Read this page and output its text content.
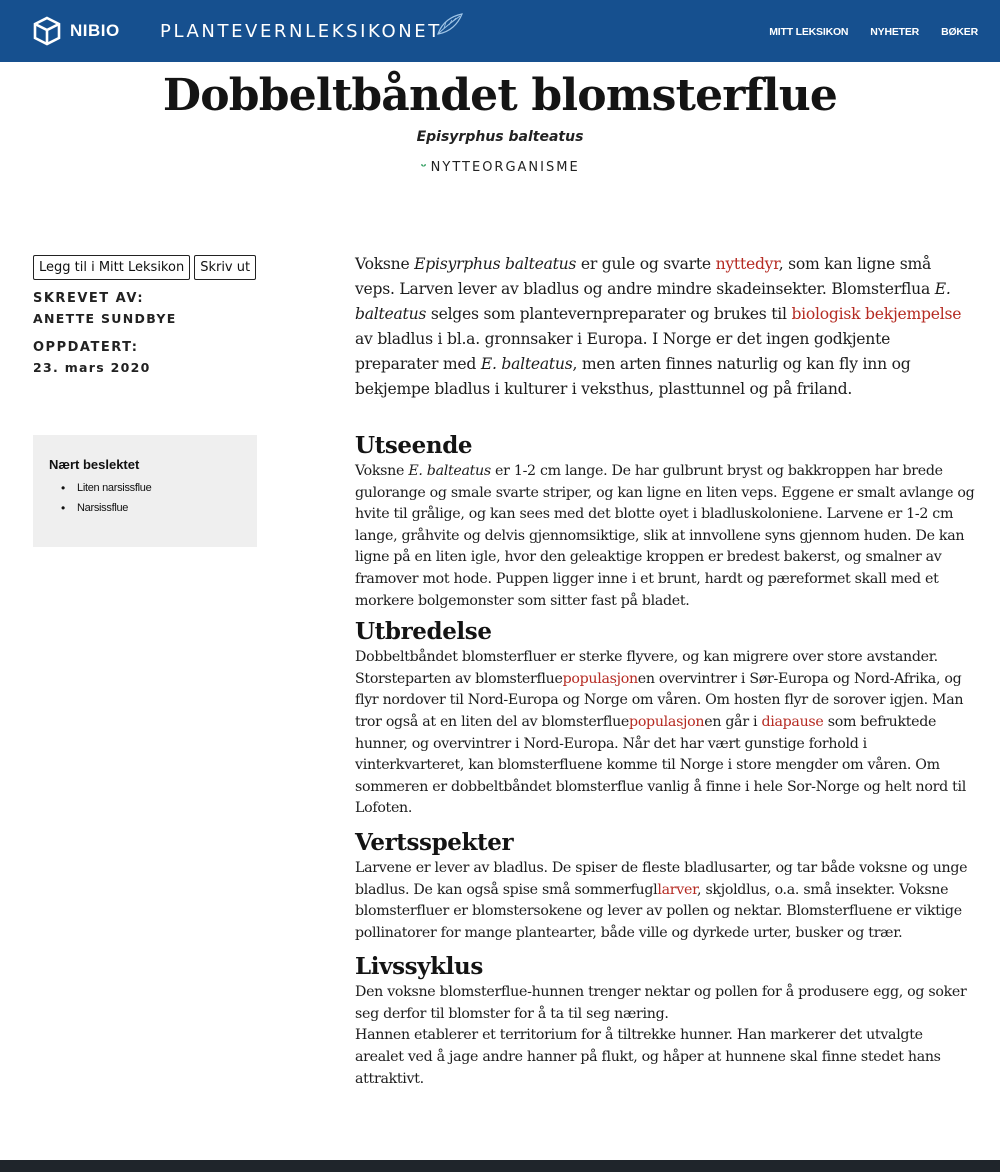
NIBIO PLANTEVERNLEKSIKONET	MITT LEKSIKON NYHETER BØKER
Dobbeltbåndet blomsterflue
Episyrphus balteatus
ᵕ NYTTEORGANISME
Legg til i Mitt Leksikon	Skriv ut
SKREVET AV:
ANETTE SUNDBYE
OPPDATERT:
23. mars 2020
Nært beslektet
• Liten narsissflue
• Narsissflue

Voksne Episyrphus balteatus er gule og svarte nyttedyr, som kan ligne små veps. Larven lever av bladlus og andre mindre skadeinsekter. Blomsterflua E. balteatus selges som plantevernpreparater og brukes til biologisk bekjempelse av bladlus i bl.a. gronnsaker i Europa. I Norge er det ingen godkjente preparater med E. balteatus, men arten finnes naturlig og kan fly inn og bekjempe bladlus i kulturer i veksthus, plasttunnel og på friland.

Utseende

Voksne E. balteatus er 1-2 cm lange. De har gulbrunt bryst og bakkroppen har brede gulorange og smale svarte striper, og kan ligne en liten veps. Eggene er smalt avlange og hvite til grålige, og kan sees med det blotte oyet i bladluskoloniene. Larvene er 1-2 cm lange, gråhvite og delvis gjennomsiktige, slik at innvollene syns gjennom huden. De kan ligne på en liten igle, hvor den geleaktige kroppen er bredest bakerst, og smalner av framover mot hode. Puppen ligger inne i et brunt, hardt og pæreformet skall med et morkere bolgemonster som sitter fast på bladet.

Utbredelse

Dobbeltbåndet blomsterfluer er sterke flyvere, og kan migrere over store avstander. Storsteparten av blomsterfluepopulasjonen overvintrer i Sør-Europa og Nord-Afrika, og flyr nordover til Nord-Europa og Norge om våren. Om hosten flyr de sorover igjen. Man tror også at en liten del av blomsterfluepopulasjonen går i diapause som befruktede hunner, og overvintrer i Nord-Europa. Når det har vært gunstige forhold i vinterkvarteret, kan blomsterfluene komme til Norge i store mengder om våren. Om sommeren er dobbeltbåndet blomsterflue vanlig å finne i hele Sor-Norge og helt nord til Lofoten.

Vertsspekter

Larvene er lever av bladlus. De spiser de fleste bladlusarter, og tar både voksne og unge bladlus. De kan også spise små sommerfugllarver, skjoldlus, o.a. små insekter. Voksne blomsterfluer er blomstersokene og lever av pollen og nektar. Blomsterfluene er viktige pollinatorer for mange plantearter, både ville og dyrkede urter, busker og trær.

Livssyklus

Den voksne blomsterflue-hunnen trenger nektar og pollen for å produsere egg, og soker seg derfor til blomster for å ta til seg næring.

Hannen etablerer et territorium for å tiltrekke hunner. Han markerer det utvalgte arealet ved å jage andre hanner på flukt, og håper at hunnene skal finne stedet hans attraktivt.
